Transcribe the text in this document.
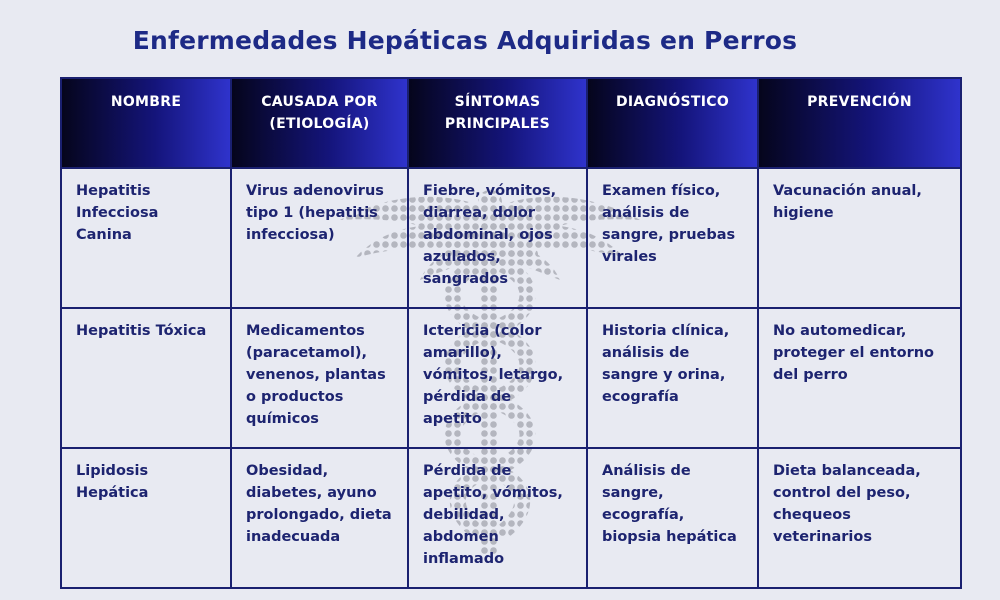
Enfermedades Hepáticas Adquiridas en Perros
NOMBRE	CAUSADA POR (ETIOLOGÍA)	SÍNTOMAS PRINCIPALES	DIAGNÓSTICO	PREVENCIÓN
Hepatitis Infecciosa Canina	Virus adenovirus tipo 1 (hepatitis infecciosa)	Fiebre, vómitos, diarrea, dolor abdominal, ojos azulados, sangrados	Examen físico, análisis de sangre, pruebas virales	Vacunación anual, higiene
Hepatitis Tóxica	Medicamentos (paracetamol), venenos, plantas o productos químicos	Ictericia (color amarillo), vómitos, letargo, pérdida de apetito	Historia clínica, análisis de sangre y orina, ecografía	No automedicar, proteger el entorno del perro
Lipidosis Hepática	Obesidad, diabetes, ayuno prolongado, dieta inadecuada	Pérdida de apetito, vómitos, debilidad, abdomen inflamado	Análisis de sangre, ecografía, biopsia hepática	Dieta balanceada, control del peso, chequeos veterinarios
